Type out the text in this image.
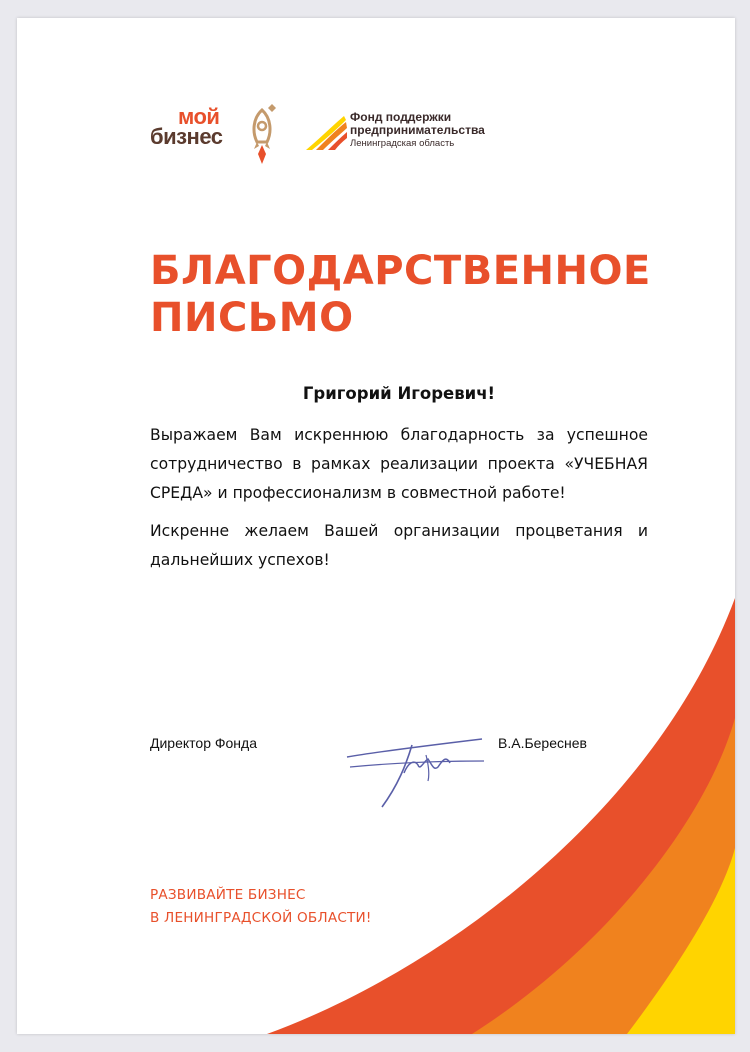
мой
бизнес
Фонд поддержки
предпринимательства
Ленинградская область
БЛАГОДАРСТВЕННОЕ
ПИСЬМО
Григорий Игоревич!

Выражаем Вам искреннюю благодарность за успешное сотрудничество в рамках реализации проекта «УЧЕБНАЯ СРЕДА» и профессионализм в совместной работе!

Искренне желаем Вашей организации процветания и дальнейших успехов!

Директор Фонда	В.А.Береснев
РАЗВИВАЙТЕ БИЗНЕС
В ЛЕНИНГРАДСКОЙ ОБЛАСТИ!
